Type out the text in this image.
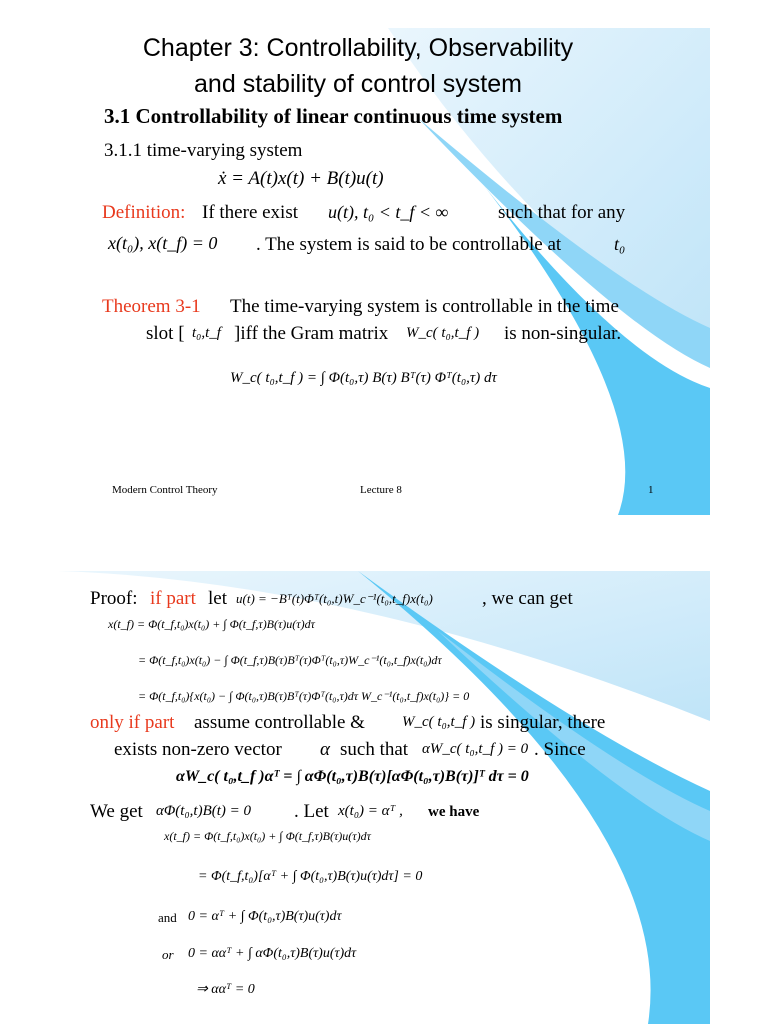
Chapter 3: Controllability, Observability
and stability of control system
3.1 Controllability of linear continuous time system
3.1.1 time-varying system
ẋ = A(t)x(t) + B(t)u(t)
Definition: If there exist u(t), t₀ < t_f < ∞	such that for any
x(t₀), x(t_f) = 0 . The system is said to be controllable at	t₀
Theorem 3-1 The time-varying system is controllable in the time
slot [ t₀,t_f ]iff the Gram matrix W_c( t₀,t_f ) is non-singular.
W_c( t₀,t_f ) = ∫ Φ(t₀,τ) B(τ) Bᵀ(τ) Φᵀ(t₀,τ) dτ
Modern Control Theory	Lecture 8	1
Proof: if part let u(t) = −Bᵀ(t)Φᵀ(t₀,t)W_c⁻¹(t₀,t_f)x(t₀)	, we can get
x(t_f) = Φ(t_f,t₀)x(t₀) + ∫ Φ(t_f,τ)B(τ)u(τ)dτ
= Φ(t_f,t₀)x(t₀) − ∫ Φ(t_f,τ)B(τ)Bᵀ(τ)Φᵀ(t₀,τ)W_c⁻¹(t₀,t_f)x(t₀)dτ
= Φ(t_f,t₀){x(t₀) − ∫ Φ(t₀,τ)B(τ)Bᵀ(τ)Φᵀ(t₀,τ)dτ W_c⁻¹(t₀,t_f)x(t₀)} = 0
only if part assume controllable & W_c( t₀,t_f ) is singular, there
exists non-zero vector α such that αW_c( t₀,t_f ) = 0 . Since
αW_c( t₀,t_f )αᵀ = ∫ αΦ(t₀,τ)B(τ)[αΦ(t₀,τ)B(τ)]ᵀ dτ = 0
We get αΦ(t₀,t)B(t) = 0 . Let x(t₀) = αᵀ , we have
x(t_f) = Φ(t_f,t₀)x(t₀) + ∫ Φ(t_f,τ)B(τ)u(τ)dτ
= Φ(t_f,t₀)[αᵀ + ∫ Φ(t₀,τ)B(τ)u(τ)dτ] = 0
and 0 = αᵀ + ∫ Φ(t₀,τ)B(τ)u(τ)dτ
or 0 = ααᵀ + ∫ αΦ(t₀,τ)B(τ)u(τ)dτ
⇒ ααᵀ = 0
